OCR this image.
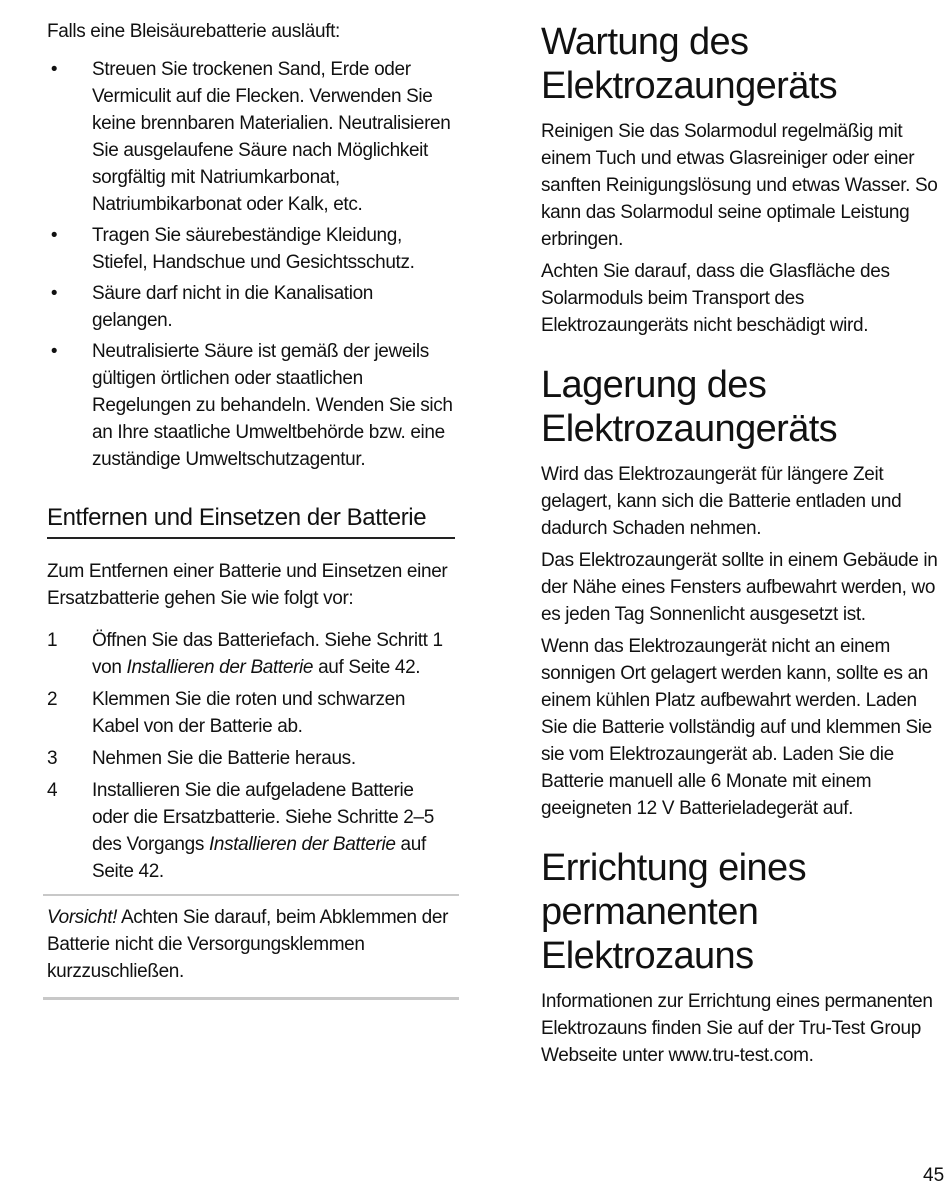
Falls eine Bleisäurebatterie ausläuft:

• Streuen Sie trockenen Sand, Erde oder Vermiculit auf die Flecken. Verwenden Sie keine brennbaren Materialien. Neutralisieren Sie ausgelaufene Säure nach Möglichkeit sorgfältig mit Natriumkarbonat, Natriumbikarbonat oder Kalk, etc.
• Tragen Sie säurebeständige Kleidung, Stiefel, Handschue und Gesichtsschutz.
• Säure darf nicht in die Kanalisation gelangen.
• Neutralisierte Säure ist gemäß der jeweils gültigen örtlichen oder staatlichen Regelungen zu behandeln. Wenden Sie sich an Ihre staatliche Umweltbehörde bzw. eine zuständige Umweltschutzagentur.
Entfernen und Einsetzen der Batterie

Zum Entfernen einer Batterie und Einsetzen einer Ersatzbatterie gehen Sie wie folgt vor:

1 Öffnen Sie das Batteriefach. Siehe Schritt 1 von Installieren der Batterie auf Seite 42.
2 Klemmen Sie die roten und schwarzen Kabel von der Batterie ab.
3 Nehmen Sie die Batterie heraus.
4 Installieren Sie die aufgeladene Batterie oder die Ersatzbatterie. Siehe Schritte 2–5 des Vorgangs Installieren der Batterie auf Seite 42.
Vorsicht! Achten Sie darauf, beim Abklemmen der Batterie nicht die Versorgungsklemmen kurzzuschließen.
Wartung des
Elektrozaungeräts

Reinigen Sie das Solarmodul regelmäßig mit einem Tuch und etwas Glasreiniger oder einer sanften Reinigungslösung und etwas Wasser. So kann das Solarmodul seine optimale Leistung erbringen.

Achten Sie darauf, dass die Glasfläche des Solarmoduls beim Transport des Elektrozaungeräts nicht beschädigt wird.

Lagerung des
Elektrozaungeräts

Wird das Elektrozaungerät für längere Zeit gelagert, kann sich die Batterie entladen und dadurch Schaden nehmen.

Das Elektrozaungerät sollte in einem Gebäude in der Nähe eines Fensters aufbewahrt werden, wo es jeden Tag Sonnenlicht ausgesetzt ist.

Wenn das Elektrozaungerät nicht an einem sonnigen Ort gelagert werden kann, sollte es an einem kühlen Platz aufbewahrt werden. Laden Sie die Batterie vollständig auf und klemmen Sie sie vom Elektrozaungerät ab. Laden Sie die Batterie manuell alle 6 Monate mit einem geeigneten 12 V Batterieladegerät auf.

Errichtung eines
permanenten Elektrozauns

Informationen zur Errichtung eines permanenten Elektrozauns finden Sie auf der Tru-Test Group Webseite unter www.tru-test.com.

45
